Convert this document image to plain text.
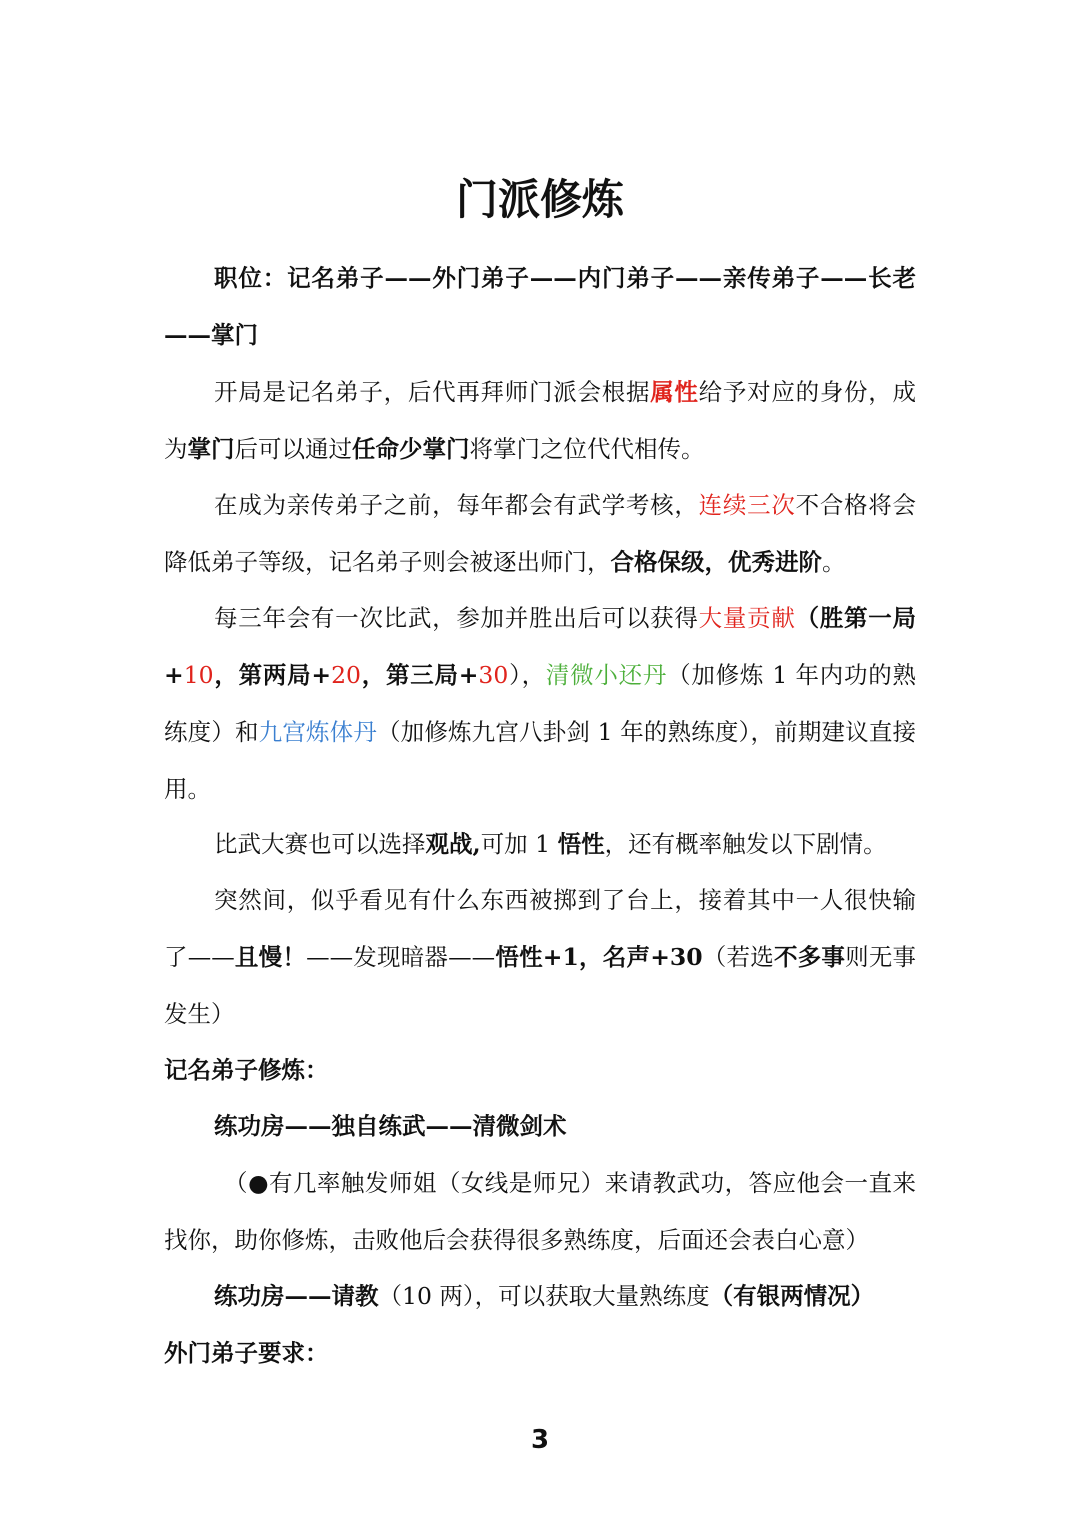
门派修炼

职位：记名弟子——外门弟子——内门弟子——亲传弟子——长老——掌门

开局是记名弟子，后代再拜师门派会根据属性给予对应的身份，成为掌门后可以通过任命少掌门将掌门之位代代相传。

在成为亲传弟子之前，每年都会有武学考核，连续三次不合格将会降低弟子等级，记名弟子则会被逐出师门，合格保级，优秀进阶。

每三年会有一次比武，参加并胜出后可以获得大量贡献（胜第一局+10，第两局+20，第三局+30），清微小还丹（加修炼 1 年内功的熟练度）和九宫炼体丹（加修炼九宫八卦剑 1 年的熟练度），前期建议直接用。

比武大赛也可以选择观战,可加 1 悟性，还有概率触发以下剧情。

突然间，似乎看见有什么东西被掷到了台上，接着其中一人很快输了——且慢！——发现暗器——悟性+1，名声+30（若选不多事则无事发生）

记名弟子修炼：

练功房——独自练武——清微剑术

（●有几率触发师姐（女线是师兄）来请教武功，答应他会一直来找你，助你修炼，击败他后会获得很多熟练度，后面还会表白心意）

练功房——请教（10 两），可以获取大量熟练度（有银两情况）

外门弟子要求：

3
